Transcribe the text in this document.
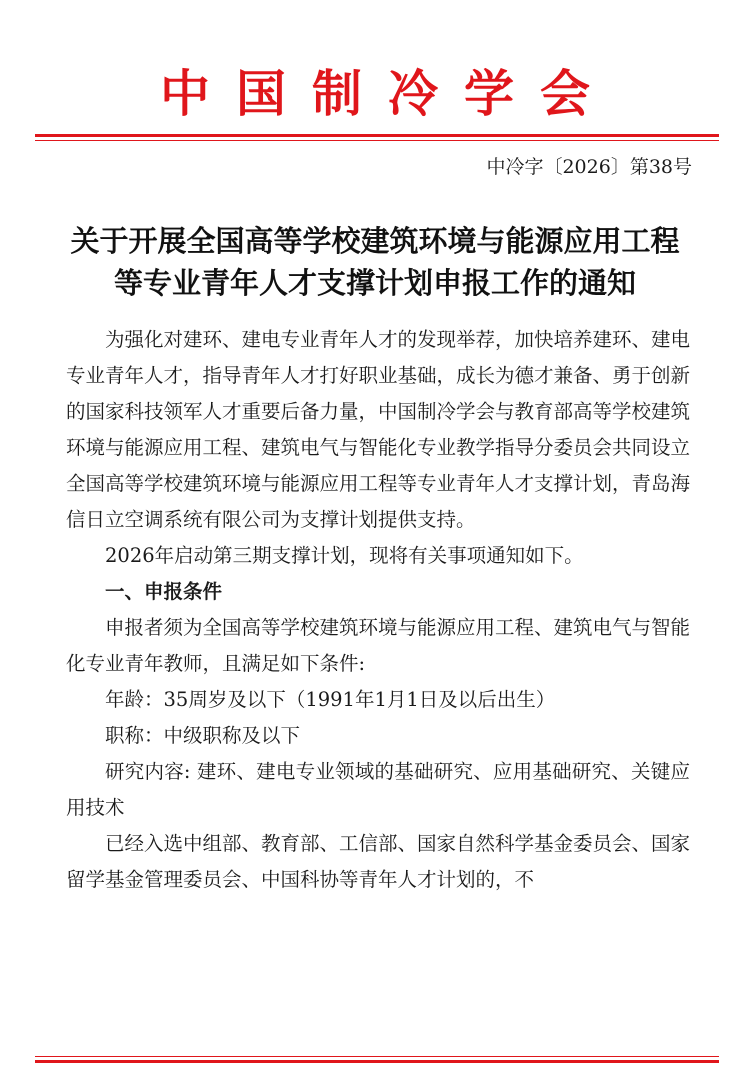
中国制冷学会
中冷字〔2026〕第38号
关于开展全国高等学校建筑环境与能源应用工程
等专业青年人才支撑计划申报工作的通知

为强化对建环、建电专业青年人才的发现举荐，加快培养建环、建电专业青年人才，指导青年人才打好职业基础，成长为德才兼备、勇于创新的国家科技领军人才重要后备力量，中国制冷学会与教育部高等学校建筑环境与能源应用工程、建筑电气与智能化专业教学指导分委员会共同设立全国高等学校建筑环境与能源应用工程等专业青年人才支撑计划，青岛海信日立空调系统有限公司为支撑计划提供支持。

2026年启动第三期支撑计划，现将有关事项通知如下。

一、申报条件

申报者须为全国高等学校建筑环境与能源应用工程、建筑电气与智能化专业青年教师，且满足如下条件:

年龄：35周岁及以下（1991年1月1日及以后出生）

职称：中级职称及以下

研究内容: 建环、建电专业领域的基础研究、应用基础研究、关键应用技术

已经入选中组部、教育部、工信部、国家自然科学基金委员会、国家留学基金管理委员会、中国科协等青年人才计划的，不
